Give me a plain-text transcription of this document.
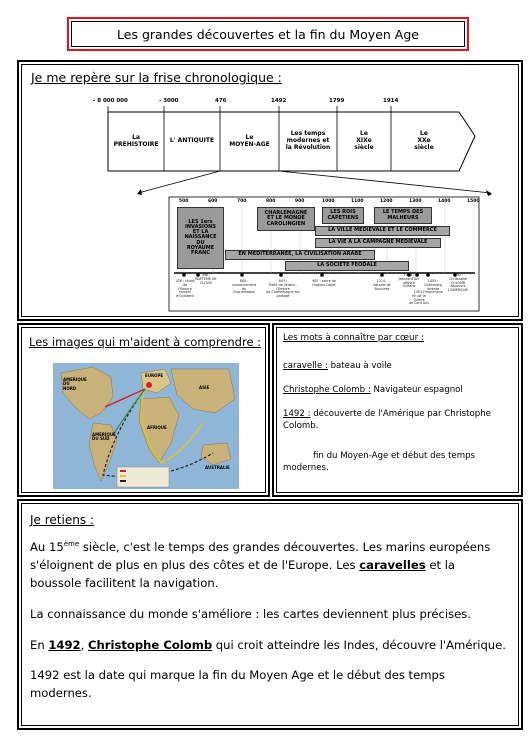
Les grandes découvertes et la fin du Moyen Age
Je me repère sur la frise chronologique :
- 8 000 000	- 3000	476	1492	1799	1914
La
PREHISTOIRE L' ANTIQUITE	Le
MOYEN-AGE
Les temps
modernes et
la Révolution
Le
XIXe
siècle
Le
XXe
siècle
500	600	700	800	900	1000	1100	1200	1300	1400	1500
LES 1ers
INVASIONS
ET LA
NAISSANCE
DU
ROYAUME
FRANC
CHARLEMAGNE
ET LE MONDE
CAROLINGIEN
LES ROIS
CAPETIENS
LE TEMPS DES
MALHEURS
LA VILLE MEDIEVALE ET LE COMMERCE
LA VIE A LA CAMPAGNE MEDIEVALE
EN MEDITERRANEE, LA CIVILISATION ARABE
LA SOCIETE FEODALE
476 : chute de
l'Empire
romain
d'Occident
496 :
BAPTEME DE
CLOVIS	800 :
couronnement
de
Charlemagne
843 :
Traité de Verdun : l'Empire
de Charlemagne est
partagé
987 : sacre de
Hugues Capet
1214 :
bataille de
Bouvines
1429 :
Jeanne d'Arc
délivre
Orléans
1453 :
fin de la Guerre
de Cent Ans
1455 :
Gutenberg invente
l'imprimerie
1492 :
Christophe
COLOMB
découvre
L'AMERIQUE
Les images qui m'aident à comprendre :
AMERIQUE DU NORD
AMERIQUE DU SUD
AFRIQUE
ASIE
EUROPE
AUSTRALIE
Les mots à connaître par cœur :
caravelle : bateau à voile
Christophe Colomb : Navigateur espagnol
1492 : découverte de l'Amérique par Christophe
Colomb.
fin du Moyen-Age et début des temps
modernes.
Je retiens :
Au 15ème siècle, c'est le temps des grandes découvertes. Les marins européens s'éloignent de plus en plus des côtes et de l'Europe. Les caravelles et la boussole facilitent la navigation.
La connaissance du monde s'améliore : les cartes deviennent plus précises.
En 1492, Christophe Colomb qui croit atteindre les Indes, découvre l'Amérique.
1492 est la date qui marque la fin du Moyen Age et le début des temps modernes.
